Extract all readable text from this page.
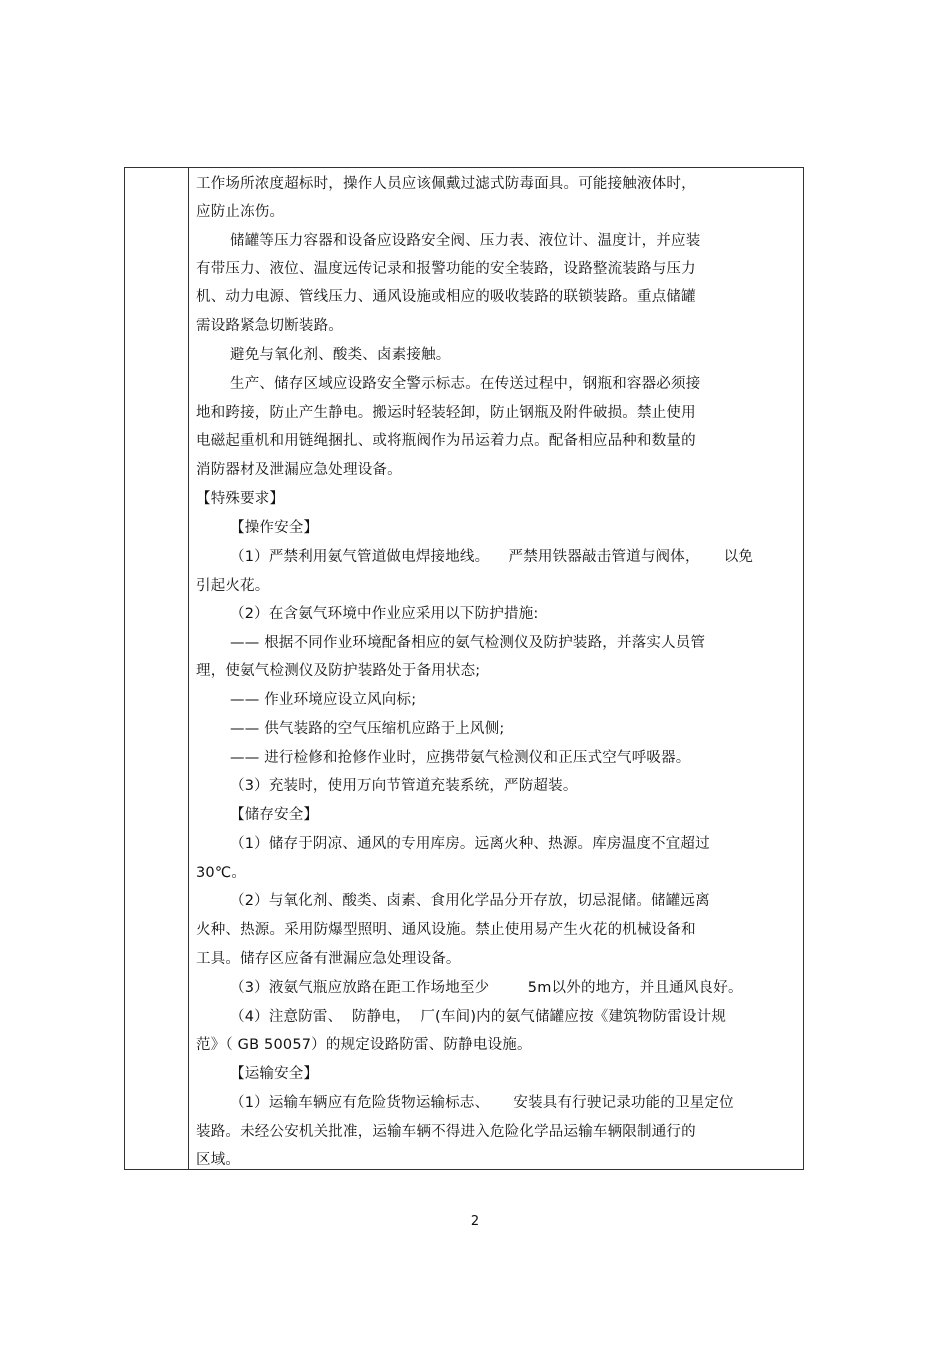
工作场所浓度超标时，操作人员应该佩戴过滤式防毒面具。可能接触液体时，
应防止冻伤。
储罐等压力容器和设备应设路安全阀、压力表、液位计、温度计，并应装
有带压力、液位、温度远传记录和报警功能的安全装路，设路整流装路与压力
机、动力电源、管线压力、通风设施或相应的吸收装路的联锁装路。重点储罐
需设路紧急切断装路。
避免与氧化剂、酸类、卤素接触。
生产、储存区域应设路安全警示标志。在传送过程中，钢瓶和容器必须接
地和跨接，防止产生静电。搬运时轻装轻卸，防止钢瓶及附件破损。禁止使用
电磁起重机和用链绳捆扎、或将瓶阀作为吊运着力点。配备相应品种和数量的
消防器材及泄漏应急处理设备。
【特殊要求】
【操作安全】
（1）严禁利用氨气管道做电焊接地线。    严禁用铁器敲击管道与阀体，     以免
引起火花。
（2）在含氨气环境中作业应采用以下防护措施:
—— 根据不同作业环境配备相应的氨气检测仪及防护装路，并落实人员管
理，使氨气检测仪及防护装路处于备用状态;
—— 作业环境应设立风向标;
—— 供气装路的空气压缩机应路于上风侧;
—— 进行检修和抢修作业时，应携带氨气检测仪和正压式空气呼吸器。
（3）充装时，使用万向节管道充装系统，严防超装。
【储存安全】
（1）储存于阴凉、通风的专用库房。远离火种、热源。库房温度不宜超过
30℃。
（2）与氧化剂、酸类、卤素、食用化学品分开存放，切忌混储。储罐远离
火种、热源。采用防爆型照明、通风设施。禁止使用易产生火花的机械设备和
工具。储存区应备有泄漏应急处理设备。
（3）液氨气瓶应放路在距工作场地至少        5m以外的地方，并且通风良好。
（4）注意防雷、  防静电，  厂(车间)内的氨气储罐应按《建筑物防雷设计规
范》（ GB 50057）的规定设路防雷、防静电设施。
【运输安全】
（1）运输车辆应有危险货物运输标志、     安装具有行驶记录功能的卫星定位
装路。未经公安机关批准，运输车辆不得进入危险化学品运输车辆限制通行的
区域。
2
